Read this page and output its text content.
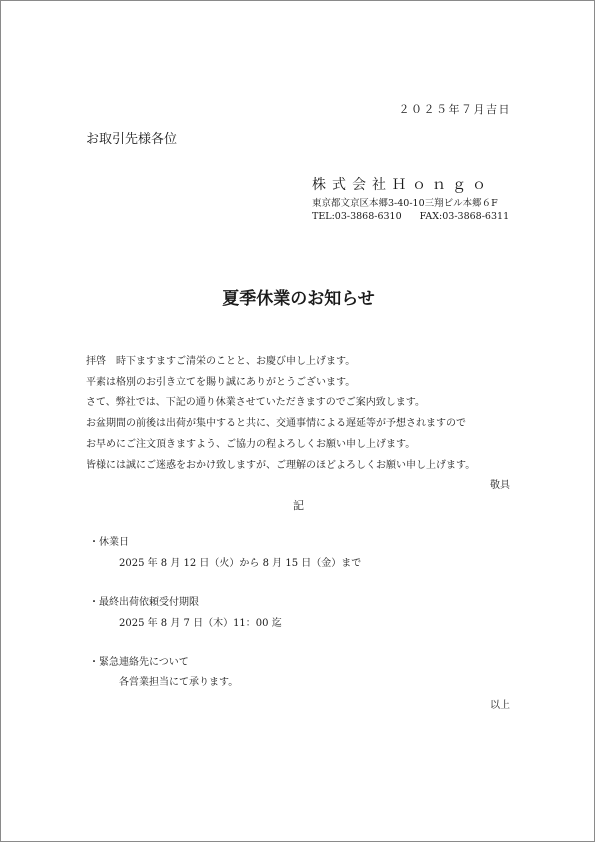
２０２５年７月吉日
お取引先様各位
株式会社Ｈｏｎｇｏ
東京都文京区本郷3-40-10三翔ビル本郷６F
TEL:03-3868-6310 FAX:03-3868-6311
夏季休業のお知らせ
拝啓　時下ますますご清栄のことと、お慶び申し上げます。
平素は格別のお引き立てを賜り誠にありがとうございます。
さて、弊社では、下記の通り休業させていただきますのでご案内致します。
お盆期間の前後は出荷が集中すると共に、交通事情による遅延等が予想されますので
お早めにご注文頂きますよう、ご協力の程よろしくお願い申し上げます。
皆様には誠にご迷惑をおかけ致しますが、ご理解のほどよろしくお願い申し上げます。
敬具
記
・休業日
2025 年 8 月 12 日（火）から 8 月 15 日（金）まで
・最終出荷依頼受付期限
2025 年 8 月 7 日（木）11：00 迄
・緊急連絡先について
各営業担当にて承ります。
以上
